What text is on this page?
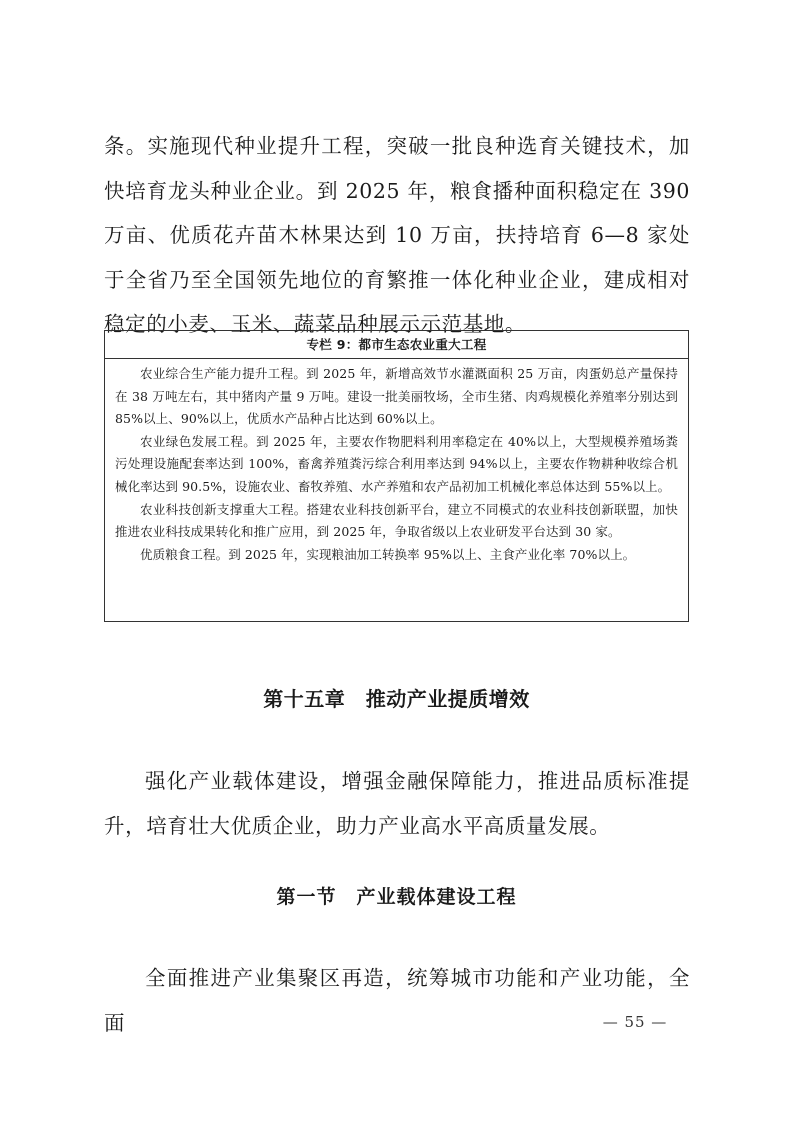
条。实施现代种业提升工程，突破一批良种选育关键技术，加快培育龙头种业企业。到 2025 年，粮食播种面积稳定在 390 万亩、优质花卉苗木林果达到 10 万亩，扶持培育 6—8 家处于全省乃至全国领先地位的育繁推一体化种业企业，建成相对稳定的小麦、玉米、蔬菜品种展示示范基地。

专栏 9：都市生态农业重大工程

农业综合生产能力提升工程。到 2025 年，新增高效节水灌溉面积 25 万亩，肉蛋奶总产量保持在 38 万吨左右，其中猪肉产量 9 万吨。建设一批美丽牧场，全市生猪、肉鸡规模化养殖率分别达到 85%以上、90%以上，优质水产品种占比达到 60%以上。

农业绿色发展工程。到 2025 年，主要农作物肥料利用率稳定在 40%以上，大型规模养殖场粪污处理设施配套率达到 100%，畜禽养殖粪污综合利用率达到 94%以上，主要农作物耕种收综合机械化率达到 90.5%，设施农业、畜牧养殖、水产养殖和农产品初加工机械化率总体达到 55%以上。

农业科技创新支撑重大工程。搭建农业科技创新平台，建立不同模式的农业科技创新联盟，加快推进农业科技成果转化和推广应用，到 2025 年，争取省级以上农业研发平台达到 30 家。

优质粮食工程。到 2025 年，实现粮油加工转换率 95%以上、主食产业化率 70%以上。

第十五章　推动产业提质增效

强化产业载体建设，增强金融保障能力，推进品质标准提升，培育壮大优质企业，助力产业高水平高质量发展。

第一节　产业载体建设工程

全面推进产业集聚区再造，统筹城市功能和产业功能，全面	— 55 —
